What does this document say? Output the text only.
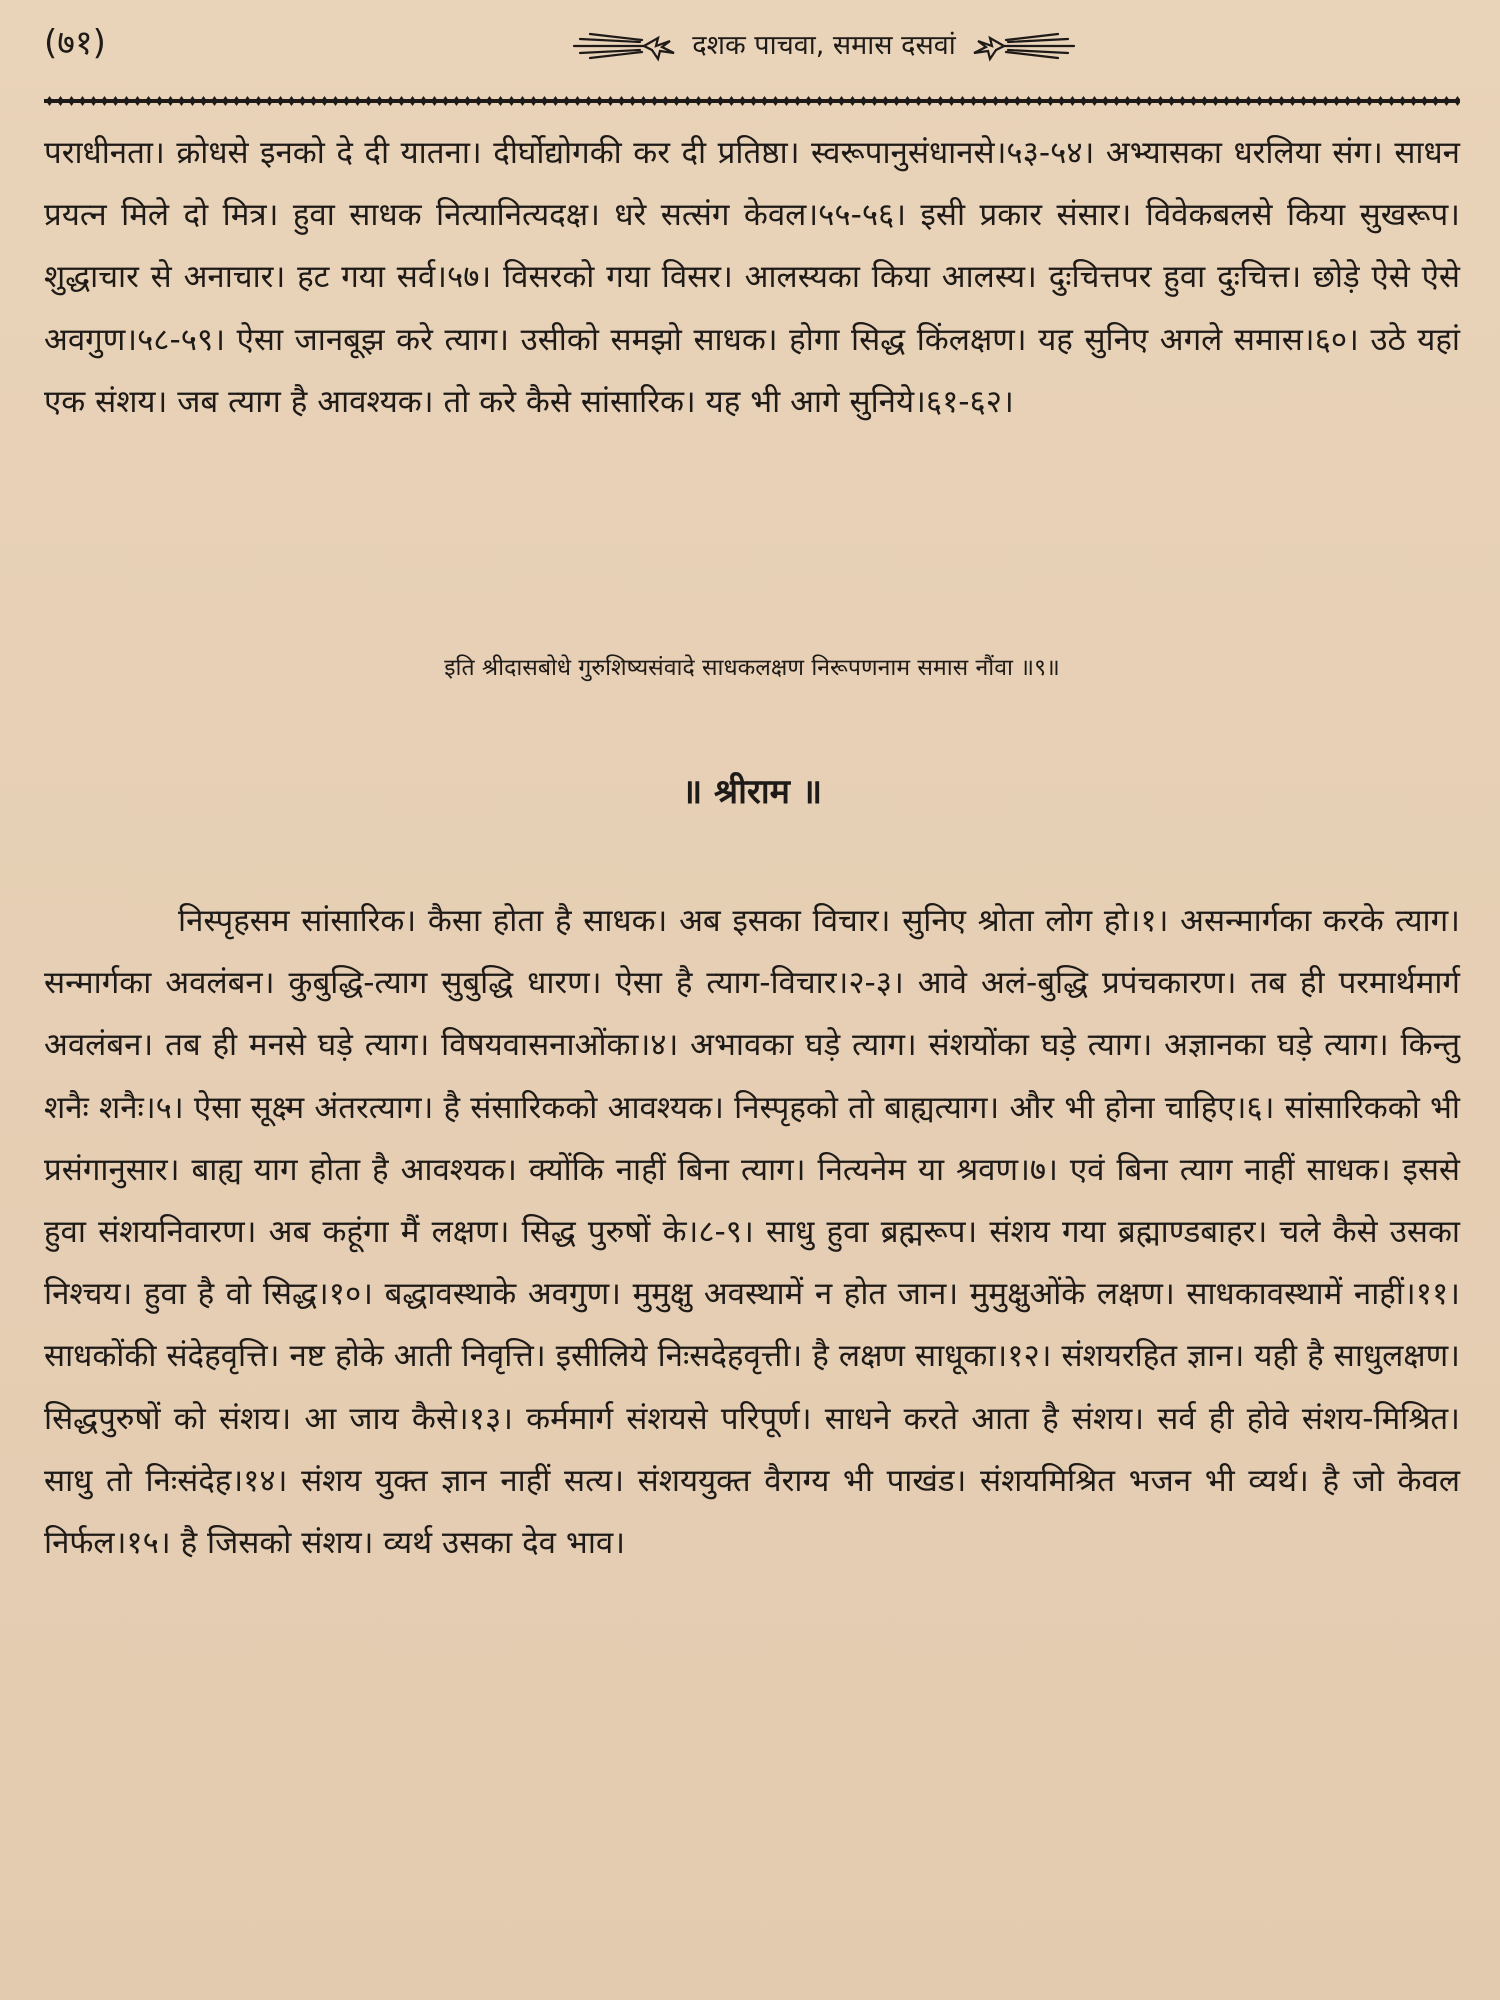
(७१)	दशक पाचवा, समास दसवां

पराधीनता। क्रोधसे इनको दे दी यातना। दीर्घोद्योगकी कर दी प्रतिष्ठा। स्वरूपानुसंधानसे।५३-५४। अभ्यासका धरलिया संग। साधन प्रयत्न मिले दो मित्र। हुवा साधक नित्यानित्यदक्ष। धरे सत्संग केवल।५५-५६। इसी प्रकार संसार। विवेकबलसे किया सुखरूप। शुद्धाचार से अनाचार। हट गया सर्व।५७। विसरको गया विसर। आलस्यका किया आलस्य। दुःचित्तपर हुवा दुःचित्त। छोड़े ऐसे ऐसे अवगुण।५८-५९। ऐसा जानबूझ करे त्याग। उसीको समझो साधक। होगा सिद्ध किंलक्षण। यह सुनिए अगले समास।६०। उठे यहां एक संशय। जब त्याग है आवश्यक। तो करे कैसे सांसारिक। यह भी आगे सुनिये।६१-६२।

इति श्रीदासबोधे गुरुशिष्यसंवादे साधकलक्षण निरूपणनाम समास नौंवा ॥९॥
॥ श्रीराम ॥

निस्पृहसम सांसारिक। कैसा होता है साधक। अब इसका विचार। सुनिए श्रोता लोग हो।१। असन्मार्गका करके त्याग। सन्मार्गका अवलंबन। कुबुद्धि-त्याग सुबुद्धि धारण। ऐसा है त्याग-विचार।२-३। आवे अलं-बुद्धि प्रपंचकारण। तब ही परमार्थमार्ग अवलंबन। तब ही मनसे घड़े त्याग। विषयवासनाओंका।४। अभावका घड़े त्याग। संशयोंका घड़े त्याग। अज्ञानका घड़े त्याग। किन्तु शनैः शनैः।५। ऐसा सूक्ष्म अंतरत्याग। है संसारिकको आवश्यक। निस्पृहको तो बाह्यत्याग। और भी होना चाहिए।६। सांसारिकको भी प्रसंगानुसार। बाह्य याग होता है आवश्यक। क्योंकि नाहीं बिना त्याग। नित्यनेम या श्रवण।७। एवं बिना त्याग नाहीं साधक। इससे हुवा संशयनिवारण। अब कहूंगा मैं लक्षण। सिद्ध पुरुषों के।८-९। साधु हुवा ब्रह्मरूप। संशय गया ब्रह्माण्डबाहर। चले कैसे उसका निश्चय। हुवा है वो सिद्ध।१०। बद्धावस्थाके अवगुण। मुमुक्षु अवस्थामें न होत जान। मुमुक्षुओंके लक्षण। साधकावस्थामें नाहीं।११। साधकोंकी संदेहवृत्ति। नष्ट होके आती निवृत्ति। इसीलिये निःसदेहवृत्ती। है लक्षण साधूका।१२। संशयरहित ज्ञान। यही है साधुलक्षण। सिद्धपुरुषों को संशय। आ जाय कैसे।१३। कर्ममार्ग संशयसे परिपूर्ण। साधने करते आता है संशय। सर्व ही होवे संशय-मिश्रित। साधु तो निःसंदेह।१४। संशय युक्त ज्ञान नाहीं सत्य। संशययुक्त वैराग्य भी पाखंड। संशयमिश्रित भजन भी व्यर्थ। है जो केवल निर्फल।१५। है जिसको संशय। व्यर्थ उसका देव भाव।
